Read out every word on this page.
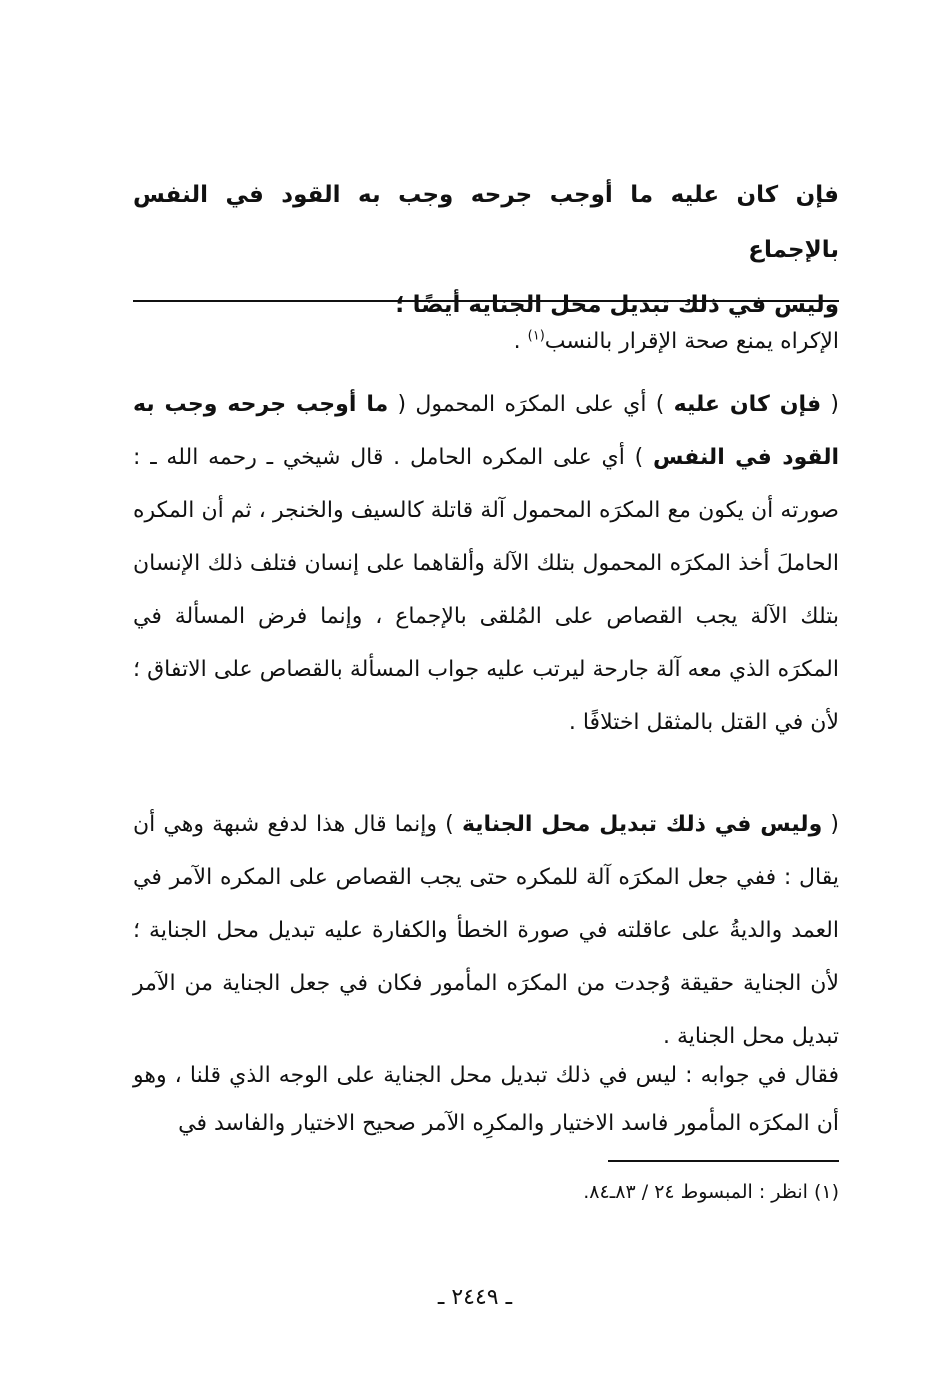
فإن كان عليه ما أوجب جرحه وجب به القود في النفس بالإجماع
وليس في ذلك تبديل محل الجناية أيضًا ؛

الإكراه يمنع صحة الإقرار بالنسب$^{(١)}$ .

( فإن كان عليه ) أي على المكرَه المحمول ( ما أوجب جرحه وجب به القود في النفس ) أي على المكره الحامل . قال شيخي ـ رحمه الله ـ : صورته أن يكون مع المكرَه المحمول آلة قاتلة كالسيف والخنجر ، ثم أن المكره الحاملَ أخذ المكرَه المحمول بتلك الآلة وألقاهما على إنسان فتلف ذلك الإنسان بتلك الآلة يجب القصاص على المُلقى بالإجماع ، وإنما فرض المسألة في المكرَه الذي معه آلة جارحة ليرتب عليه جواب المسألة بالقصاص على الاتفاق ؛ لأن في القتل بالمثقل اختلافًا .

( وليس في ذلك تبديل محل الجناية ) وإنما قال هذا لدفع شبهة وهي أن يقال : ففي جعل المكرَه آلة للمكره حتى يجب القصاص على المكره الآمر في العمد والديةُ على عاقلته في صورة الخطأ والكفارة عليه تبديل محل الجناية ؛ لأن الجناية حقيقة وُجدت من المكرَه المأمور فكان في جعل الجناية من الآمر تبديل محل الجناية .

فقال في جوابه : ليس في ذلك تبديل محل الجناية على الوجه الذي قلنا ، وهو أن المكرَه المأمور فاسد الاختيار والمكرِه الآمر صحيح الاختيار والفاسد في

(١) انظر : المبسوط ٢٤ / ٨٣ـ٨٤.
ـ ٢٤٤٩ ـ
